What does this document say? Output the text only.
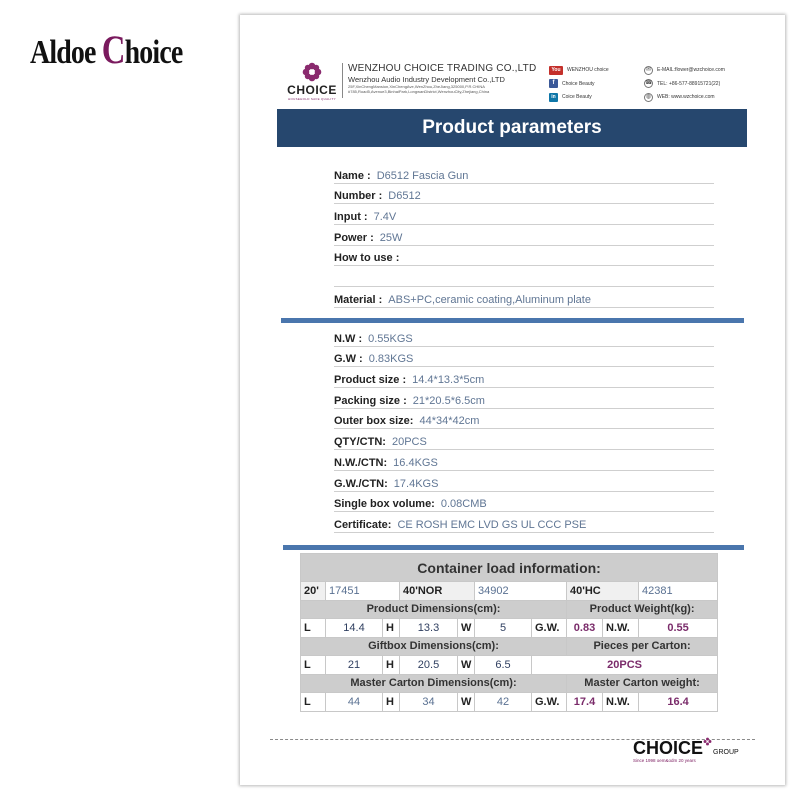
Aldoe Choice
CHOICE
HOUSEHOLD SAFE QUALITY
WENZHOU CHOICE TRADING CO.,LTD
Wenzhou Audio Industry Development Co.,LTD
25F,XinChengMansion,XinChengAve,WenZhou,ZheJiang,325000,P.R.CHINA
#785,Road5,Avenue3,BinhaiPark,LongwanDistrict,WenzhouCity,Zhejiang,China
You	WENZHOU choice
f	Choice Beauty
in	Coice Beauty
✉	E-MAIL:flower@wzchoice.com
☎ TEL: +86-577-88915721(22)
◍	WEB: www.wzchoice.com
Product parameters
Name : D6512 Fascia Gun
Number : D6512
Input : 7.4V
Power : 25W
How to use :
Material : ABS+PC,ceramic coating,Aluminum plate
N.W : 0.55KGS
G.W : 0.83KGS
Product size : 14.4*13.3*5cm
Packing size : 21*20.5*6.5cm
Outer box size: 44*34*42cm
QTY/CTN: 20PCS
N.W./CTN: 16.4KGS
G.W./CTN: 17.4KGS
Single box volume: 0.08CMB
Certificate: CE ROSH EMC LVD GS UL CCC PSE
Container load information:									
20'	17451		40'NOR		34902		40'HC		42381
Product Dimensions(cm):							Product Weight(kg):		
L	14.4	H	13.3	W	5	G.W.	0.83	N.W.	0.55
Giftbox Dimensions(cm):							Pieces per Carton:		
L	21	H	20.5	W	6.5	20PCS			
Master Carton Dimensions(cm):							Master Carton weight:		
L	44	H	34	W	42	G.W.	17.4	N.W.	16.4
CHOICE GROUP
Since 1998 oem&odm 20 years
